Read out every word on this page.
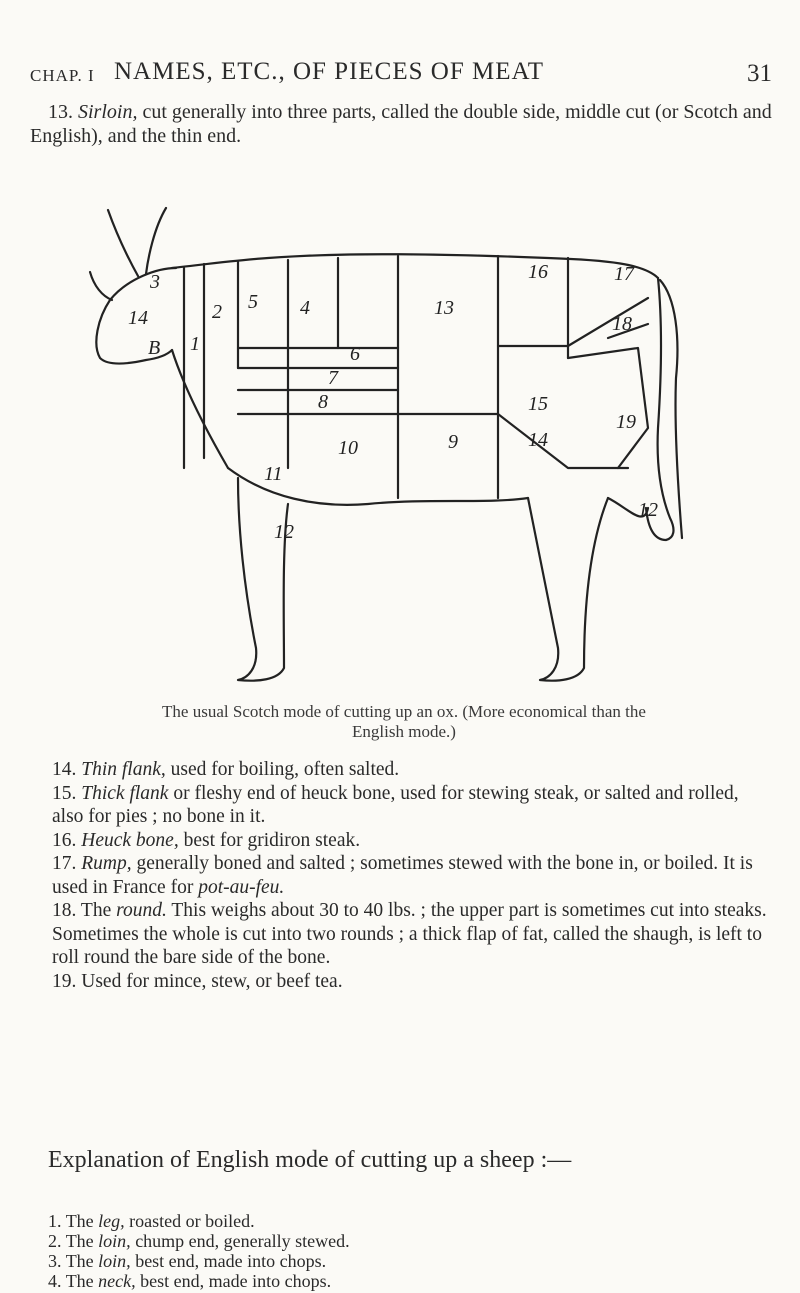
CHAP. I NAMES, ETC., OF PIECES OF MEAT	31
13. Sirloin, cut generally into three parts, called the double side, middle cut (or Scotch and English), and the thin end.
3
14	2
1
B
5 4
6
13
16	17
18
7
8	15
10	9	14
19
11
12
12
The usual Scotch mode of cutting up an ox. (More economical than the
English mode.)

14. Thin flank, used for boiling, often salted.

15. Thick flank or fleshy end of heuck bone, used for stewing steak, or salted and rolled, also for pies ; no bone in it.

16. Heuck bone, best for gridiron steak.

17. Rump, generally boned and salted ; sometimes stewed with the bone in, or boiled. It is used in France for pot-au-feu.

18. The round. This weighs about 30 to 40 lbs. ; the upper part is sometimes cut into steaks. Sometimes the whole is cut into two rounds ; a thick flap of fat, called the shaugh, is left to roll round the bare side of the bone.

19. Used for mince, stew, or beef tea.

Explanation of English mode of cutting up a sheep :—

1. The leg, roasted or boiled.

2. The loin, chump end, generally stewed.

3. The loin, best end, made into chops.

4. The neck, best end, made into chops.
